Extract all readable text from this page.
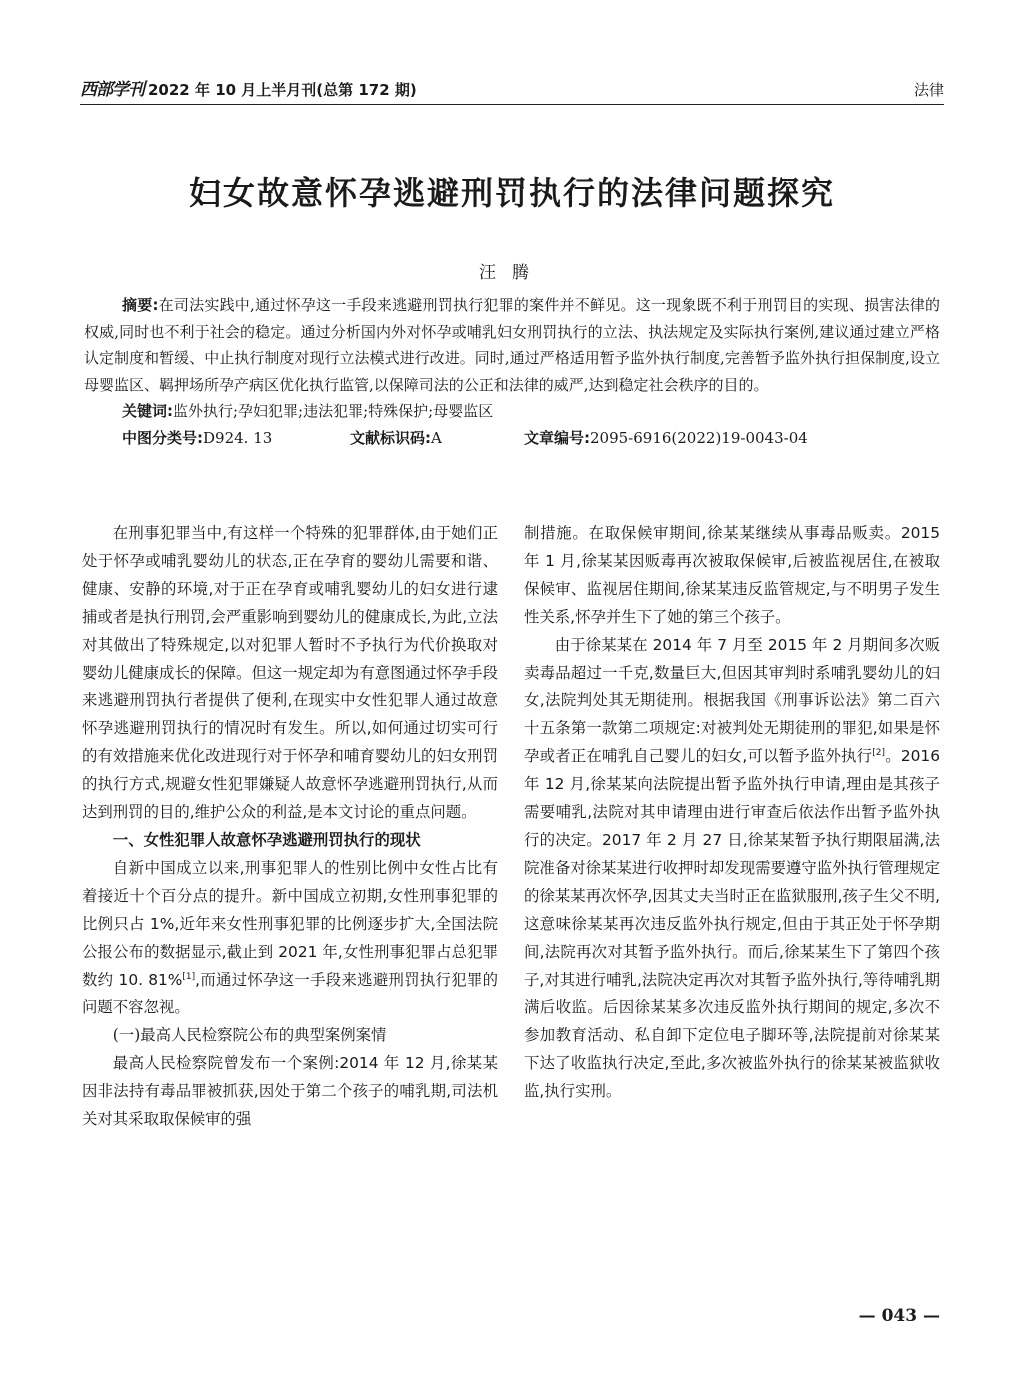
西部学刊 2022 年 10 月上半月刊(总第 172 期)	法律
妇女故意怀孕逃避刑罚执行的法律问题探究
汪腾
摘要:在司法实践中,通过怀孕这一手段来逃避刑罚执行犯罪的案件并不鲜见。这一现象既不利于刑罚目的实现、损害法律的权威,同时也不利于社会的稳定。通过分析国内外对怀孕或哺乳妇女刑罚执行的立法、执法规定及实际执行案例,建议通过建立严格认定制度和暂缓、中止执行制度对现行立法模式进行改进。同时,通过严格适用暂予监外执行制度,完善暂予监外执行担保制度,设立母婴监区、羁押场所孕产病区优化执行监管,以保障司法的公正和法律的威严,达到稳定社会秩序的目的。
关键词:监外执行;孕妇犯罪;违法犯罪;特殊保护;母婴监区
中图分类号:D924. 13	文献标识码:A	文章编号:2095-6916(2022)19-0043-04

在刑事犯罪当中,有这样一个特殊的犯罪群体,由于她们正处于怀孕或哺乳婴幼儿的状态,正在孕育的婴幼儿需要和谐、健康、安静的环境,对于正在孕育或哺乳婴幼儿的妇女进行逮捕或者是执行刑罚,会严重影响到婴幼儿的健康成长,为此,立法对其做出了特殊规定,以对犯罪人暂时不予执行为代价换取对婴幼儿健康成长的保障。但这一规定却为有意图通过怀孕手段来逃避刑罚执行者提供了便利,在现实中女性犯罪人通过故意怀孕逃避刑罚执行的情况时有发生。所以,如何通过切实可行的有效措施来优化改进现行对于怀孕和哺育婴幼儿的妇女刑罚的执行方式,规避女性犯罪嫌疑人故意怀孕逃避刑罚执行,从而达到刑罚的目的,维护公众的利益,是本文讨论的重点问题。

一、女性犯罪人故意怀孕逃避刑罚执行的现状

自新中国成立以来,刑事犯罪人的性别比例中女性占比有着接近十个百分点的提升。新中国成立初期,女性刑事犯罪的比例只占 1%,近年来女性刑事犯罪的比例逐步扩大,全国法院公报公布的数据显示,截止到 2021 年,女性刑事犯罪占总犯罪数约 10. 81%[1],而通过怀孕这一手段来逃避刑罚执行犯罪的问题不容忽视。

(一)最高人民检察院公布的典型案例案情

最高人民检察院曾发布一个案例:2014 年 12 月,徐某某因非法持有毒品罪被抓获,因处于第二个孩子的哺乳期,司法机关对其采取取保候审的强

制措施。在取保候审期间,徐某某继续从事毒品贩卖。2015 年 1 月,徐某某因贩毒再次被取保候审,后被监视居住,在被取保候审、监视居住期间,徐某某违反监管规定,与不明男子发生性关系,怀孕并生下了她的第三个孩子。

由于徐某某在 2014 年 7 月至 2015 年 2 月期间多次贩卖毒品超过一千克,数量巨大,但因其审判时系哺乳婴幼儿的妇女,法院判处其无期徒刑。根据我国《刑事诉讼法》第二百六十五条第一款第二项规定:对被判处无期徒刑的罪犯,如果是怀孕或者正在哺乳自己婴儿的妇女,可以暂予监外执行[2]。2016 年 12 月,徐某某向法院提出暂予监外执行申请,理由是其孩子需要哺乳,法院对其申请理由进行审查后依法作出暂予监外执行的决定。2017 年 2 月 27 日,徐某某暂予执行期限届满,法院准备对徐某某进行收押时却发现需要遵守监外执行管理规定的徐某某再次怀孕,因其丈夫当时正在监狱服刑,孩子生父不明,这意味徐某某再次违反监外执行规定,但由于其正处于怀孕期间,法院再次对其暂予监外执行。而后,徐某某生下了第四个孩子,对其进行哺乳,法院决定再次对其暂予监外执行,等待哺乳期满后收监。后因徐某某多次违反监外执行期间的规定,多次不参加教育活动、私自卸下定位电子脚环等,法院提前对徐某某下达了收监执行决定,至此,多次被监外执行的徐某某被监狱收监,执行实刑。

— 043 —
